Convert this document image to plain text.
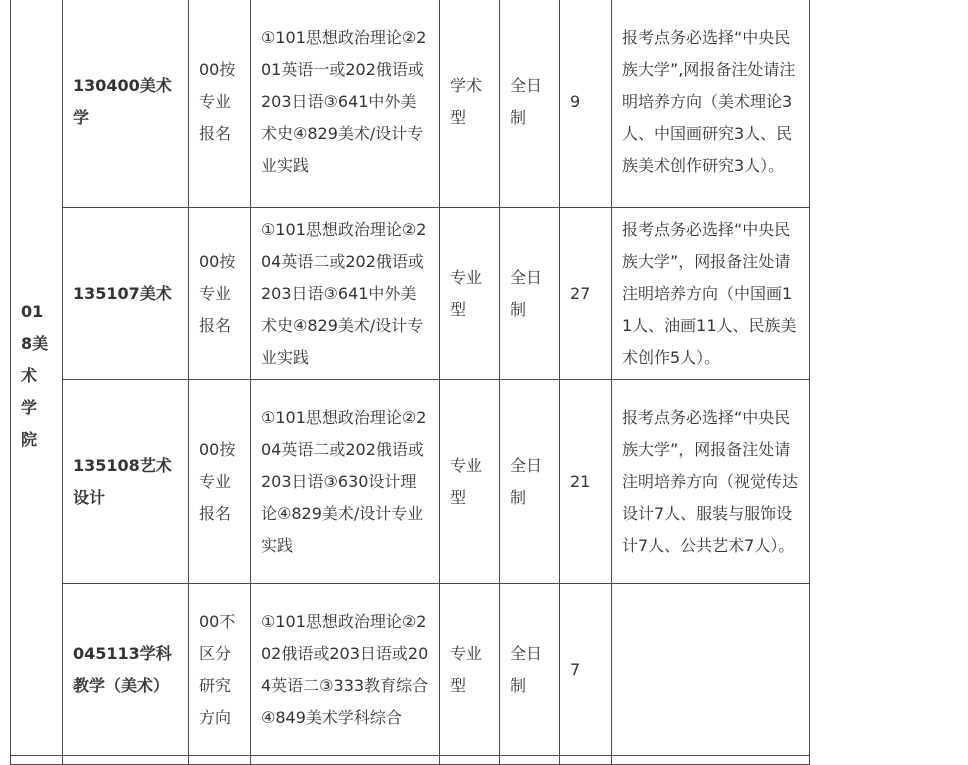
018美术学院	130400美术学	00按专业报名	①101思想政治理论②201英语一或202俄语或203日语③641中外美术史④829美术/设计专业实践	学术型	全日制	9	报考点务必选择“中央民族大学”,网报备注处请注明培养方向（美术理论3人、中国画研究3人、民族美术创作研究3人）。
	135107美术	00按专业报名	①101思想政治理论②204英语二或202俄语或203日语③641中外美术史④829美术/设计专业实践	专业型	全日制	27	报考点务必选择“中央民族大学”，网报备注处请注明培养方向（中国画11人、油画11人、民族美术创作5人）。
	135108艺术设计	00按专业报名	①101思想政治理论②204英语二或202俄语或203日语③630设计理论④829美术/设计专业实践	专业型	全日制	21	报考点务必选择“中央民族大学”，网报备注处请注明培养方向（视觉传达设计7人、服装与服饰设计7人、公共艺术7人）。
	045113学科教学（美术）	00不区分研究方向	①101思想政治理论②202俄语或203日语或204英语二③333教育综合④849美术学科综合	专业型	全日制	7	
